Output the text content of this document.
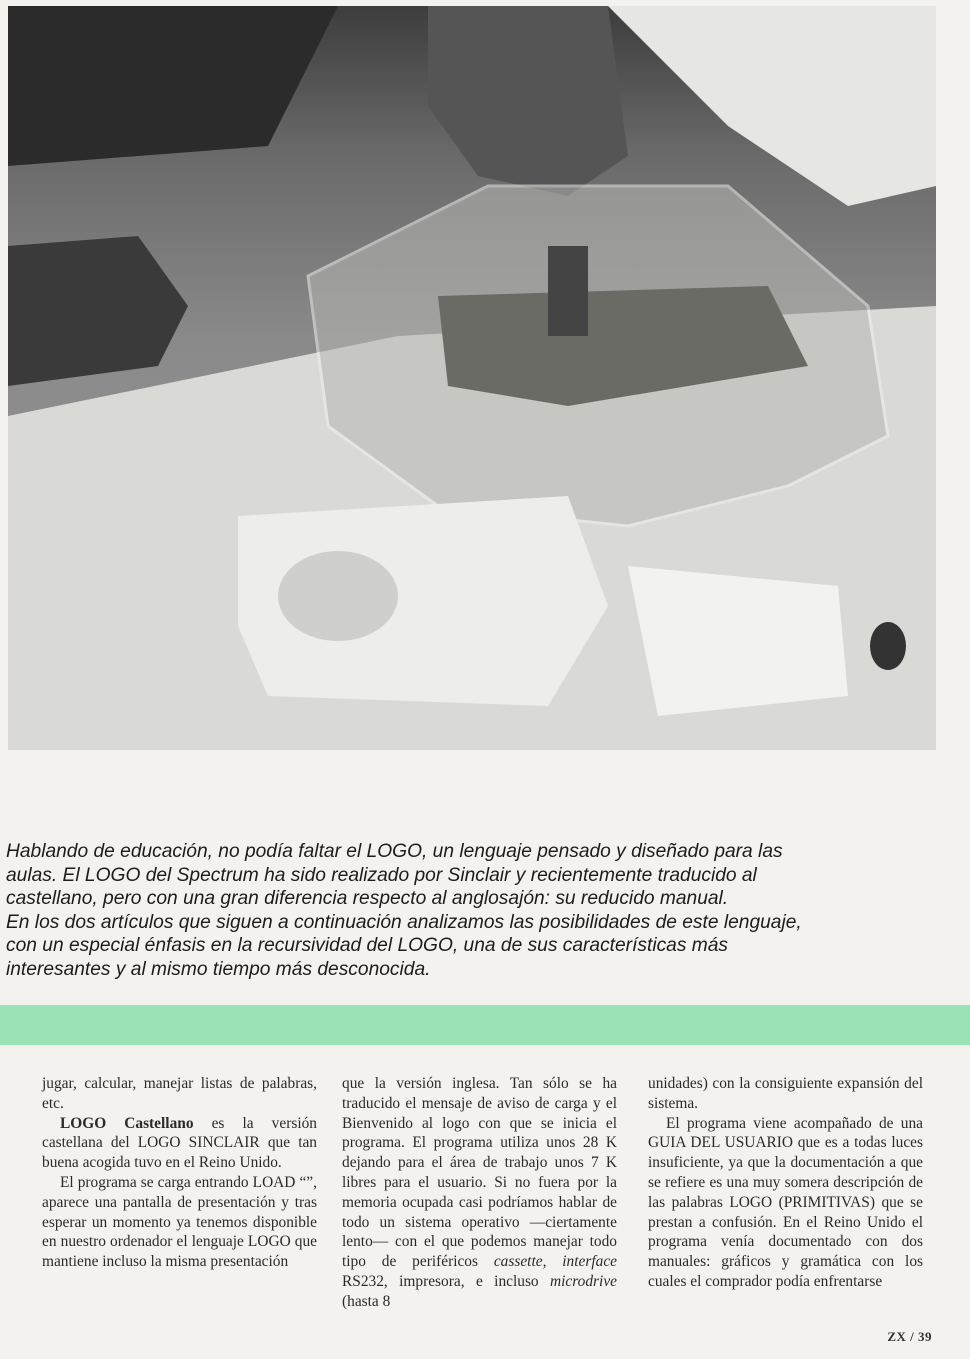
Hablando de educación, no podía faltar el LOGO, un lenguaje pensado y diseñado para las

aulas. El LOGO del Spectrum ha sido realizado por Sinclair y recientemente traducido al

castellano, pero con una gran diferencia respecto al anglosajón: su reducido manual.

En los dos artículos que siguen a continuación analizamos las posibilidades de este lenguaje,

con un especial énfasis en la recursividad del LOGO, una de sus características más

interesantes y al mismo tiempo más desconocida.

jugar, calcular, manejar listas de palabras, etc.

LOGO Castellano es la versión castellana del LOGO SINCLAIR que tan buena acogida tuvo en el Reino Unido.

El programa se carga entrando LOAD “”, aparece una pantalla de presentación y tras esperar un momento ya tenemos disponible en nuestro ordenador el lenguaje LOGO que mantiene incluso la misma presentación

que la versión inglesa. Tan sólo se ha traducido el mensaje de aviso de carga y el Bienvenido al logo con que se inicia el programa. El programa utiliza unos 28 K dejando para el área de trabajo unos 7 K libres para el usuario. Si no fuera por la memoria ocupada casi podríamos hablar de todo un sistema operativo —ciertamente lento— con el que podemos manejar todo tipo de periféricos cassette, interface RS232, impresora, e incluso microdrive (hasta 8

unidades) con la consiguiente expansión del sistema.

El programa viene acompañado de una GUIA DEL USUARIO que es a todas luces insuficiente, ya que la documentación a que se refiere es una muy somera descripción de las palabras LOGO (PRIMITIVAS) que se prestan a confusión. En el Reino Unido el programa venía documentado con dos manuales: gráficos y gramática con los cuales el comprador podía enfrentarse

ZX / 39
